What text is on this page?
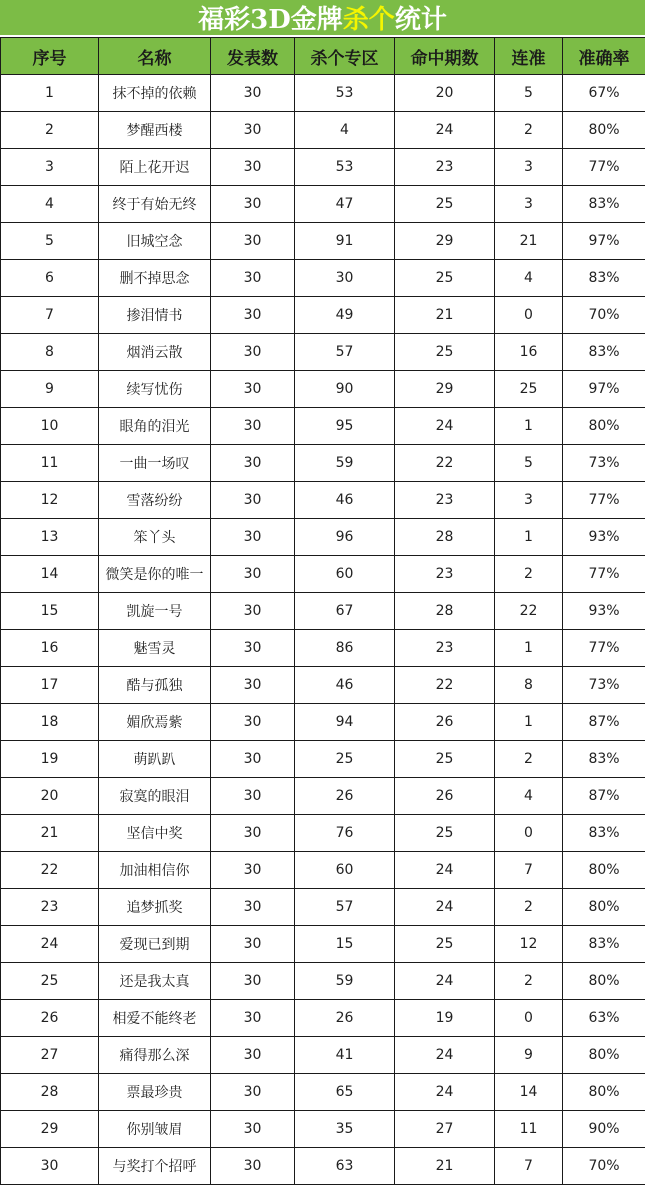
福彩3D金牌 杀个 统计
序号	名称	发表数	杀个专区	命中期数	连准	准确率
1	抹不掉的依赖	30	53	20	5	67%
2	梦醒西楼	30	4	24	2	80%
3	陌上花开迟	30	53	23	3	77%
4	终于有始无终	30	47	25	3	83%
5	旧城空念	30	91	29	21	97%
6	删不掉思念	30	30	25	4	83%
7	掺泪情书	30	49	21	0	70%
8	烟消云散	30	57	25	16	83%
9	续写忧伤	30	90	29	25	97%
10	眼角的泪光	30	95	24	1	80%
11	一曲一场叹	30	59	22	5	73%
12	雪落纷纷	30	46	23	3	77%
13	笨丫头	30	96	28	1	93%
14	微笑是你的唯一	30	60	23	2	77%
15	凯旋一号	30	67	28	22	93%
16	魅雪灵	30	86	23	1	77%
17	酷与孤独	30	46	22	8	73%
18	媚欣焉紫	30	94	26	1	87%
19	萌趴趴	30	25	25	2	83%
20	寂寞的眼泪	30	26	26	4	87%
21	坚信中奖	30	76	25	0	83%
22	加油相信你	30	60	24	7	80%
23	追梦抓奖	30	57	24	2	80%
24	爱现已到期	30	15	25	12	83%
25	还是我太真	30	59	24	2	80%
26	相爱不能终老	30	26	19	0	63%
27	痛得那么深	30	41	24	9	80%
28	票最珍贵	30	65	24	14	80%
29	你别皱眉	30	35	27	11	90%
30	与奖打个招呼	30	63	21	7	70%
